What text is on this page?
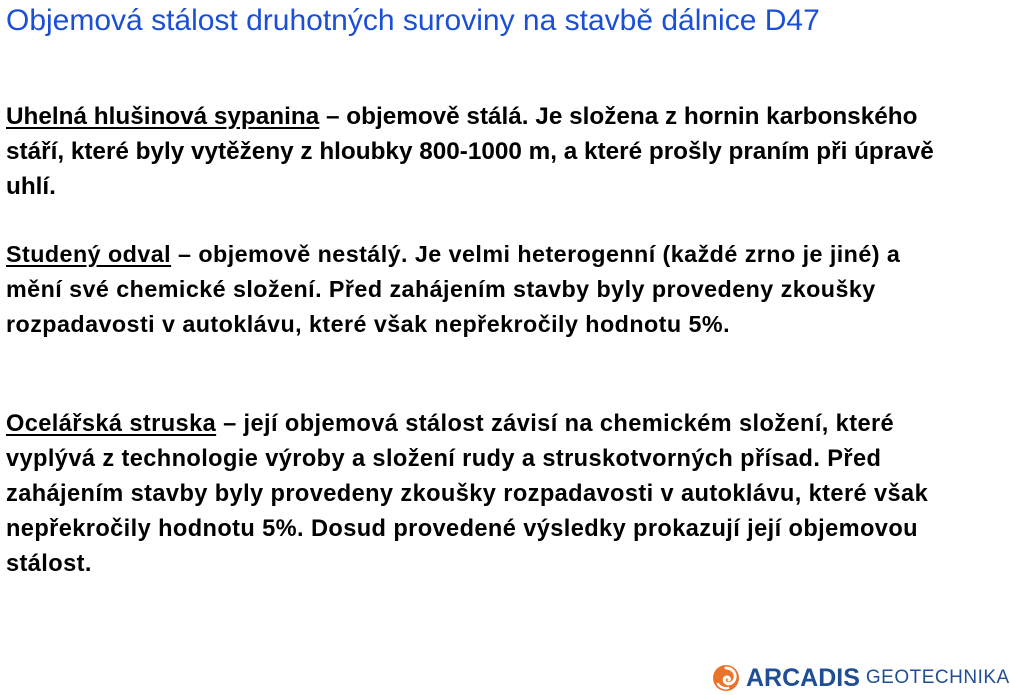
Objemová stálost druhotných suroviny na stavbě dálnice D47

Uhelná hlušinová sypanina – objemově stálá. Je složena z hornin karbonského stáří, které byly vytěženy z hloubky 800-1000 m, a které prošly praním při úpravě uhlí.

Studený odval – objemově nestálý. Je velmi heterogenní (každé zrno je jiné) a mění své chemické složení. Před zahájením stavby byly provedeny zkoušky rozpadavosti v autoklávu, které však nepřekročily hodnotu 5%.

Ocelářská struska – její objemová stálost závisí na chemickém složení, které vyplývá z technologie výroby a složení rudy a struskotvorných přísad. Před zahájením stavby byly provedeny zkoušky rozpadavosti v autoklávu, které však nepřekročily hodnotu 5%. Dosud provedené výsledky prokazují její objemovou stálost.

ARCADIS GEOTECHNIKA
